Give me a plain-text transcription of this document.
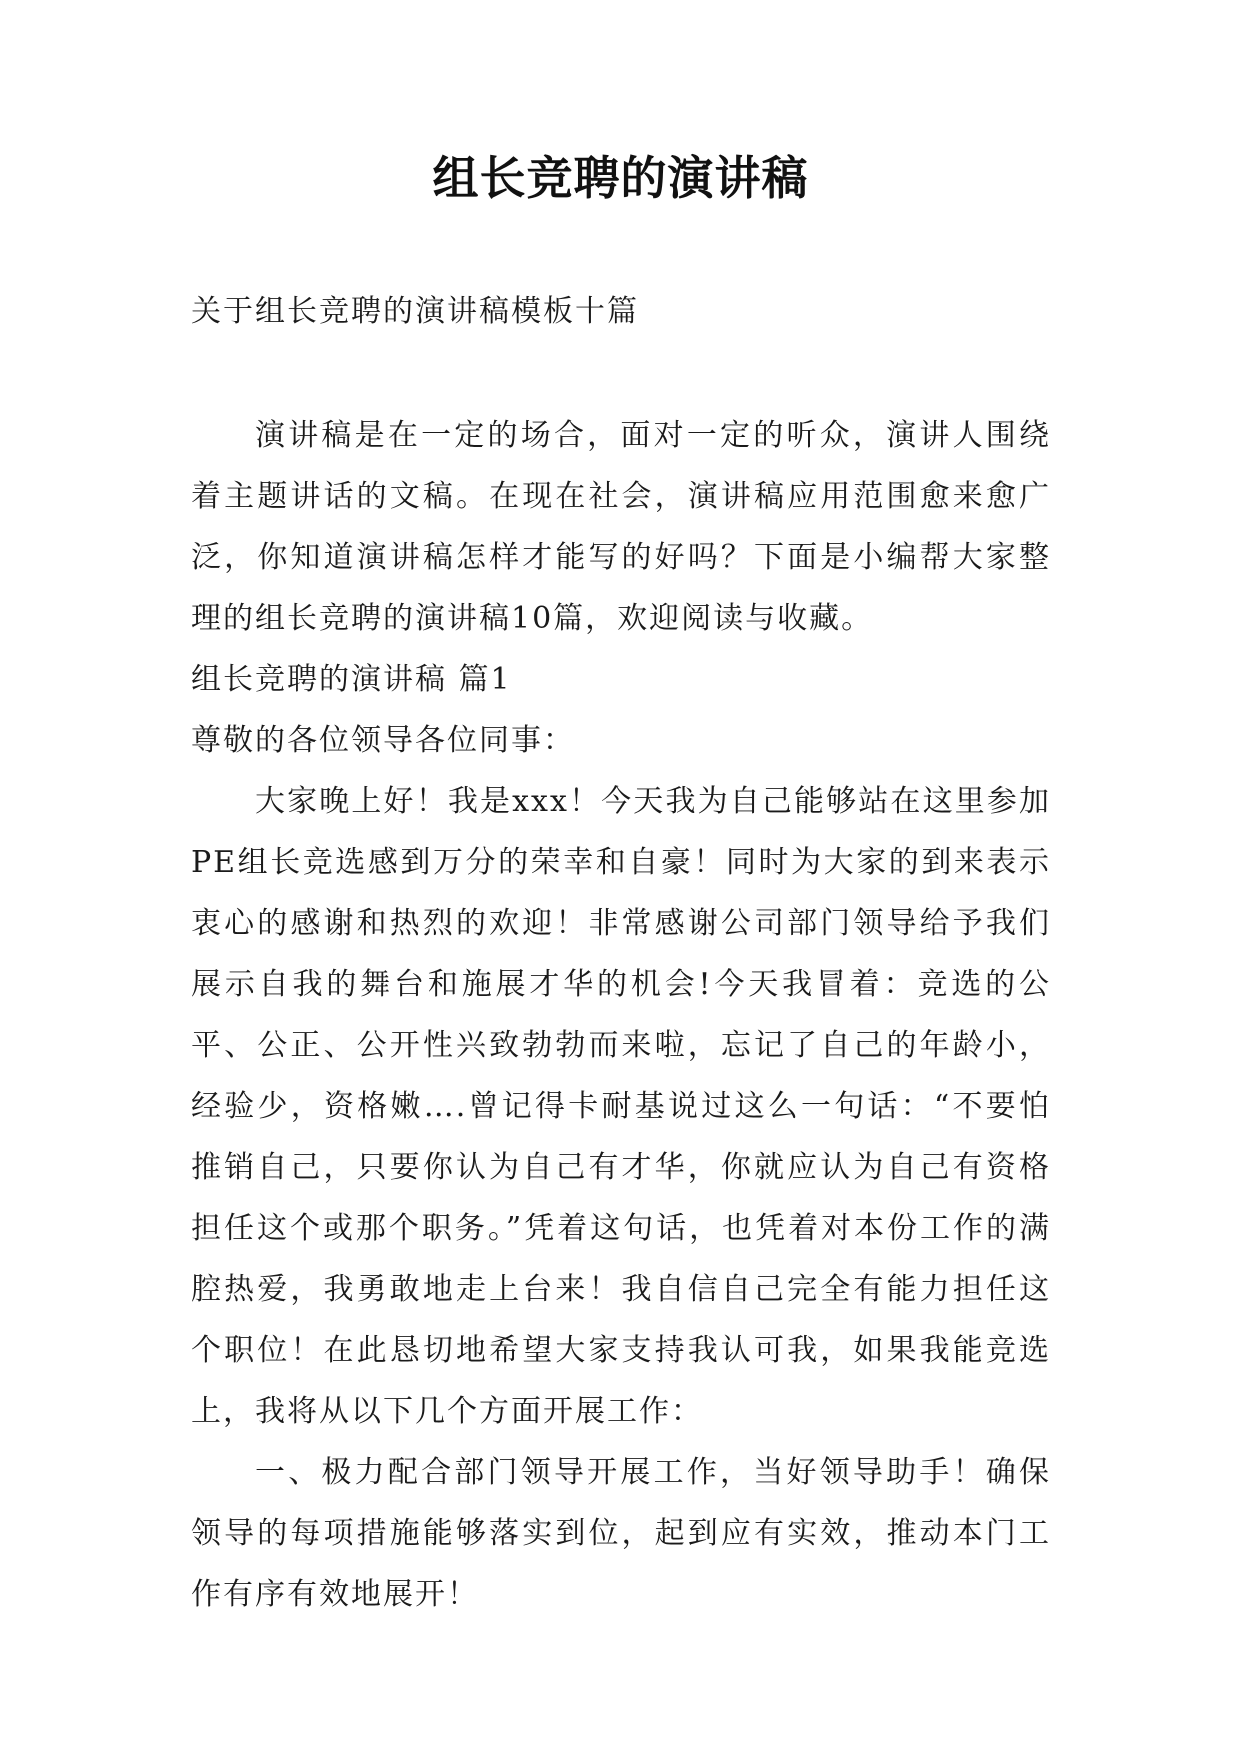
组长竞聘的演讲稿
关于组长竞聘的演讲稿模板十篇

演讲稿是在一定的场合，面对一定的听众，演讲人围绕着主题讲话的文稿。在现在社会，演讲稿应用范围愈来愈广泛，你知道演讲稿怎样才能写的好吗？下面是小编帮大家整理的组长竞聘的演讲稿10篇，欢迎阅读与收藏。

组长竞聘的演讲稿 篇1

尊敬的各位领导各位同事：

大家晚上好！我是xxx！今天我为自己能够站在这里参加PE组长竞选感到万分的荣幸和自豪！同时为大家的到来表示衷心的感谢和热烈的欢迎！非常感谢公司部门领导给予我们展示自我的舞台和施展才华的机会!今天我冒着：竞选的公平、公正、公开性兴致勃勃而来啦，忘记了自己的年龄小，经验少，资格嫩….曾记得卡耐基说过这么一句话：“不要怕推销自己，只要你认为自己有才华，你就应认为自己有资格担任这个或那个职务。”凭着这句话，也凭着对本份工作的满腔热爱，我勇敢地走上台来！我自信自己完全有能力担任这个职位！在此恳切地希望大家支持我认可我，如果我能竞选上，我将从以下几个方面开展工作：

一、极力配合部门领导开展工作，当好领导助手！确保领导的每项措施能够落实到位，起到应有实效，推动本门工作有序有效地展开！
